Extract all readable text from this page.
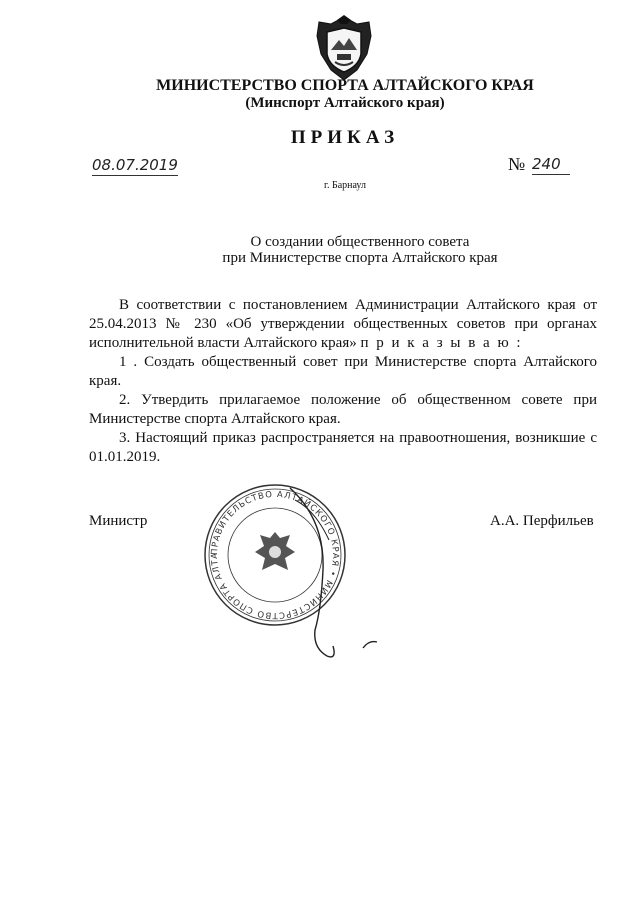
МИНИСТЕРСТВО СПОРТА АЛТАЙСКОГО КРАЯ
(Минспорт Алтайского края)
ПРИКАЗ
08.07.2019	№ 240
г. Барнаул
О создании общественного совета
при Министерстве спорта Алтайского края

В соответствии с постановлением Администрации Алтайского края от 25.04.2013 № 230 «Об утверждении общественных советов при органах исполнительной власти Алтайского края» п р и к а з ы в а ю :

1 . Создать общественный совет при Министерстве спорта Алтайского края.

2. Утвердить прилагаемое положение об общественном совете при Министерстве спорта Алтайского края.

3. Настоящий приказ распространяется на правоотношения, возникшие с 01.01.2019.

ПРАВИТЕЛЬСТВО АЛТАЙСКОГО КРАЯ • МИНИСТЕРСТВО СПОРТА АЛТА
Министр	А.А. Перфильев
